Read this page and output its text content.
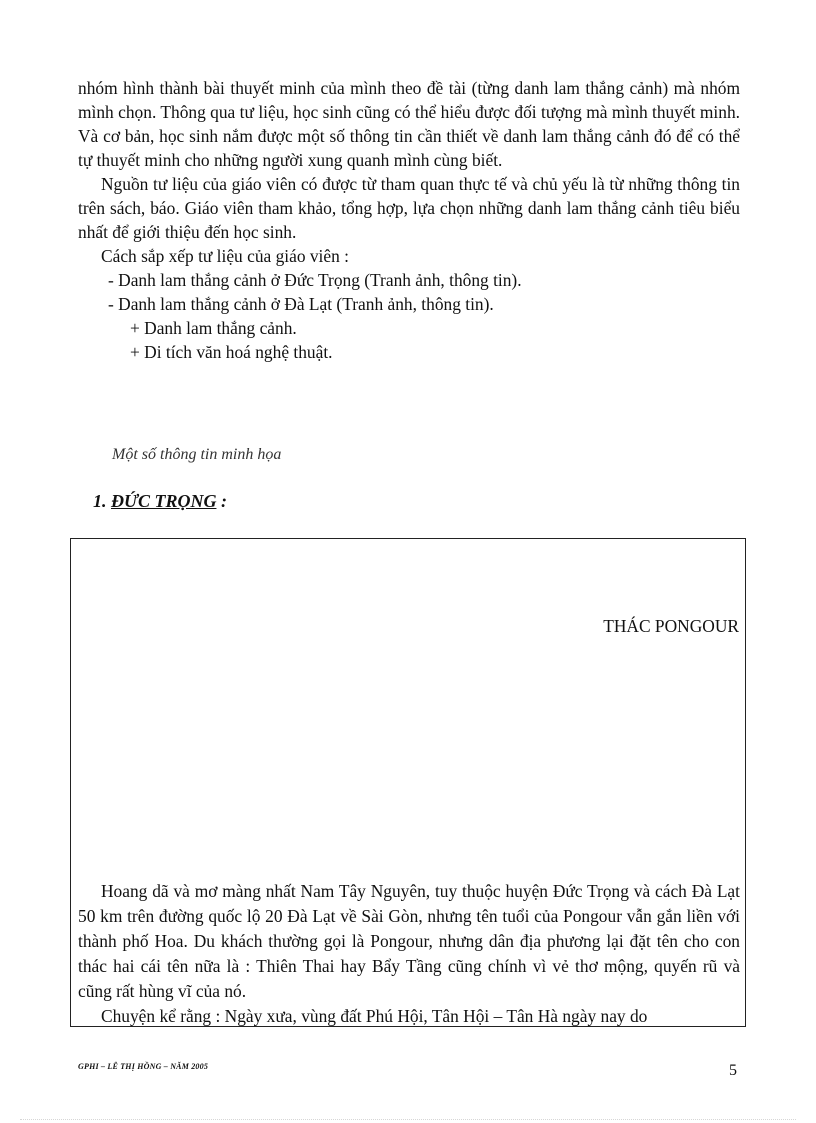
nhóm hình thành bài thuyết minh của mình theo đề tài (từng danh lam thắng cảnh) mà nhóm mình chọn. Thông qua tư liệu, học sinh cũng có thể hiểu được đối tượng mà mình thuyết minh. Và cơ bản, học sinh nắm được một số thông tin cần thiết về danh lam thắng cảnh đó để có thể tự thuyết minh cho những người xung quanh mình cùng biết.

Nguồn tư liệu của giáo viên có được từ tham quan thực tế và chủ yếu là từ những thông tin trên sách, báo. Giáo viên tham khảo, tổng hợp, lựa chọn những danh lam thắng cảnh tiêu biểu nhất để giới thiệu đến học sinh.

Cách sắp xếp tư liệu của giáo viên :

- Danh lam thắng cảnh ở Đức Trọng (Tranh ảnh, thông tin).

- Danh lam thắng cảnh ở Đà Lạt (Tranh ảnh, thông tin).

+ Danh lam thắng cảnh.

+ Di tích văn hoá nghệ thuật.

Một số thông tin minh họa

1. ĐỨC TRỌNG :

THÁC PONGOUR

Hoang dã và mơ màng nhất Nam Tây Nguyên, tuy thuộc huyện Đức Trọng và cách Đà Lạt 50 km trên đường quốc lộ 20 Đà Lạt về Sài Gòn, nhưng tên tuổi của Pongour vẫn gắn liền với thành phố Hoa. Du khách thường gọi là Pongour, nhưng dân địa phương lại đặt tên cho con thác hai cái tên nữa là : Thiên Thai hay Bẩy Tầng cũng chính vì vẻ thơ mộng, quyến rũ và cũng rất hùng vĩ của nó.

Chuyện kể rằng : Ngày xưa, vùng đất Phú Hội, Tân Hội – Tân Hà ngày nay do

GPHI – LÊ THỊ HỒNG – NĂM 2005	5
